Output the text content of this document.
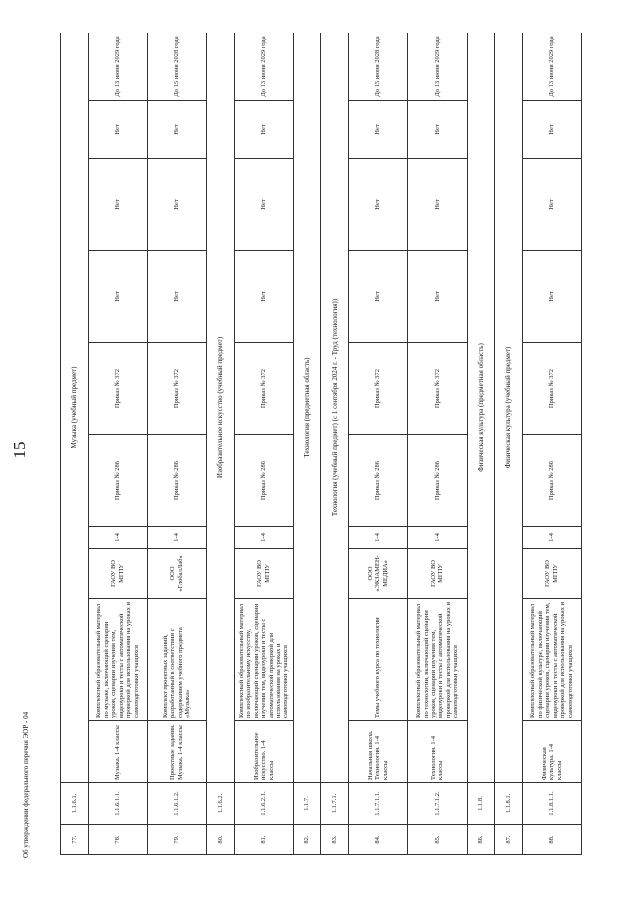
15
77.	1.1.6.1.	Музыка (учебный предмет)									
78.	1.1.6.1.1.	Музыка. 1-4 классы	Комплексный образовательный материал по музыке, включающий сценарии уроков, сценарии изучения тем, видеоуроки и тесты с автоматической проверкой для использования на уроках и самоподготовки учащихся	ГАОУ ВО МГПУ	1-4	Приказ № 286	Приказ № 372	Нет	Нет	Нет	До 13 июня 2029 года
79.	1.1.6.1.2.	Проектные задания. Музыка. 1-4 классы	Комплект проектных заданий, разработанный в соответствии с содержанием учебного предмета «Музыка»	ООО «ГлобалЛаб»	1-4	Приказ № 286	Приказ № 372	Нет	Нет	Нет	До 15 июня 2028 года
80.	1.1.6.2.	Изобразительное искусство (учебный предмет)									
81.	1.1.6.2.1.	Изобразительное искусство. 1-4 классы	Комплексный образовательный материал по изобразительному искусству, включающий сценарии уроков, сценарии изучения тем, видеоуроки и тесты с автоматической проверкой для использования на уроках и самоподготовки учащихся	ГАОУ ВО МГПУ	1-4	Приказ № 286	Приказ № 372	Нет	Нет	Нет	До 13 июня 2029 года
82.	1.1.7.	Технология (предметная область)									
83.	1.1.7.1.	Технология (учебный предмет) (с 1 сентября 2024 г. - Труд (технология))									
84.	1.1.7.1.1.	Начальная школа. Технология. 1-4 классы	Темы учебного курса по технологии	ООО «ЭКЗАМЕН-МЕДИА»	1-4	Приказ № 286	Приказ № 372	Нет	Нет	Нет	До 15 июня 2028 года
85.	1.1.7.1.2.	Технология. 1-4 классы	Комплексный образовательный материал по технологии, включающий сценарии уроков, сценарии изучения тем, видеоуроки и тесты с автоматической проверкой для использования на уроках и самоподготовки учащихся	ГАОУ ВО МГПУ	1-4	Приказ № 286	Приказ № 372	Нет	Нет	Нет	До 13 июня 2029 года
86.	1.1.8.	Физическая культура (предметная область)									
87.	1.1.8.1.	Физическая культура (учебный предмет)									
88.	1.1.8.1.1.	Физическая культура. 1-4 классы	Комплексный образовательный материал по физической культуре, включающий сценарии уроков, сценарии изучения тем, видеоуроки и тесты с автоматической проверкой для использования на уроках и самоподготовки учащихся	ГАОУ ВО МГПУ	1-4	Приказ № 286	Приказ № 372	Нет	Нет	Нет	До 13 июня 2029 года
Об утверждении федерального перечня ЭОР - 04
